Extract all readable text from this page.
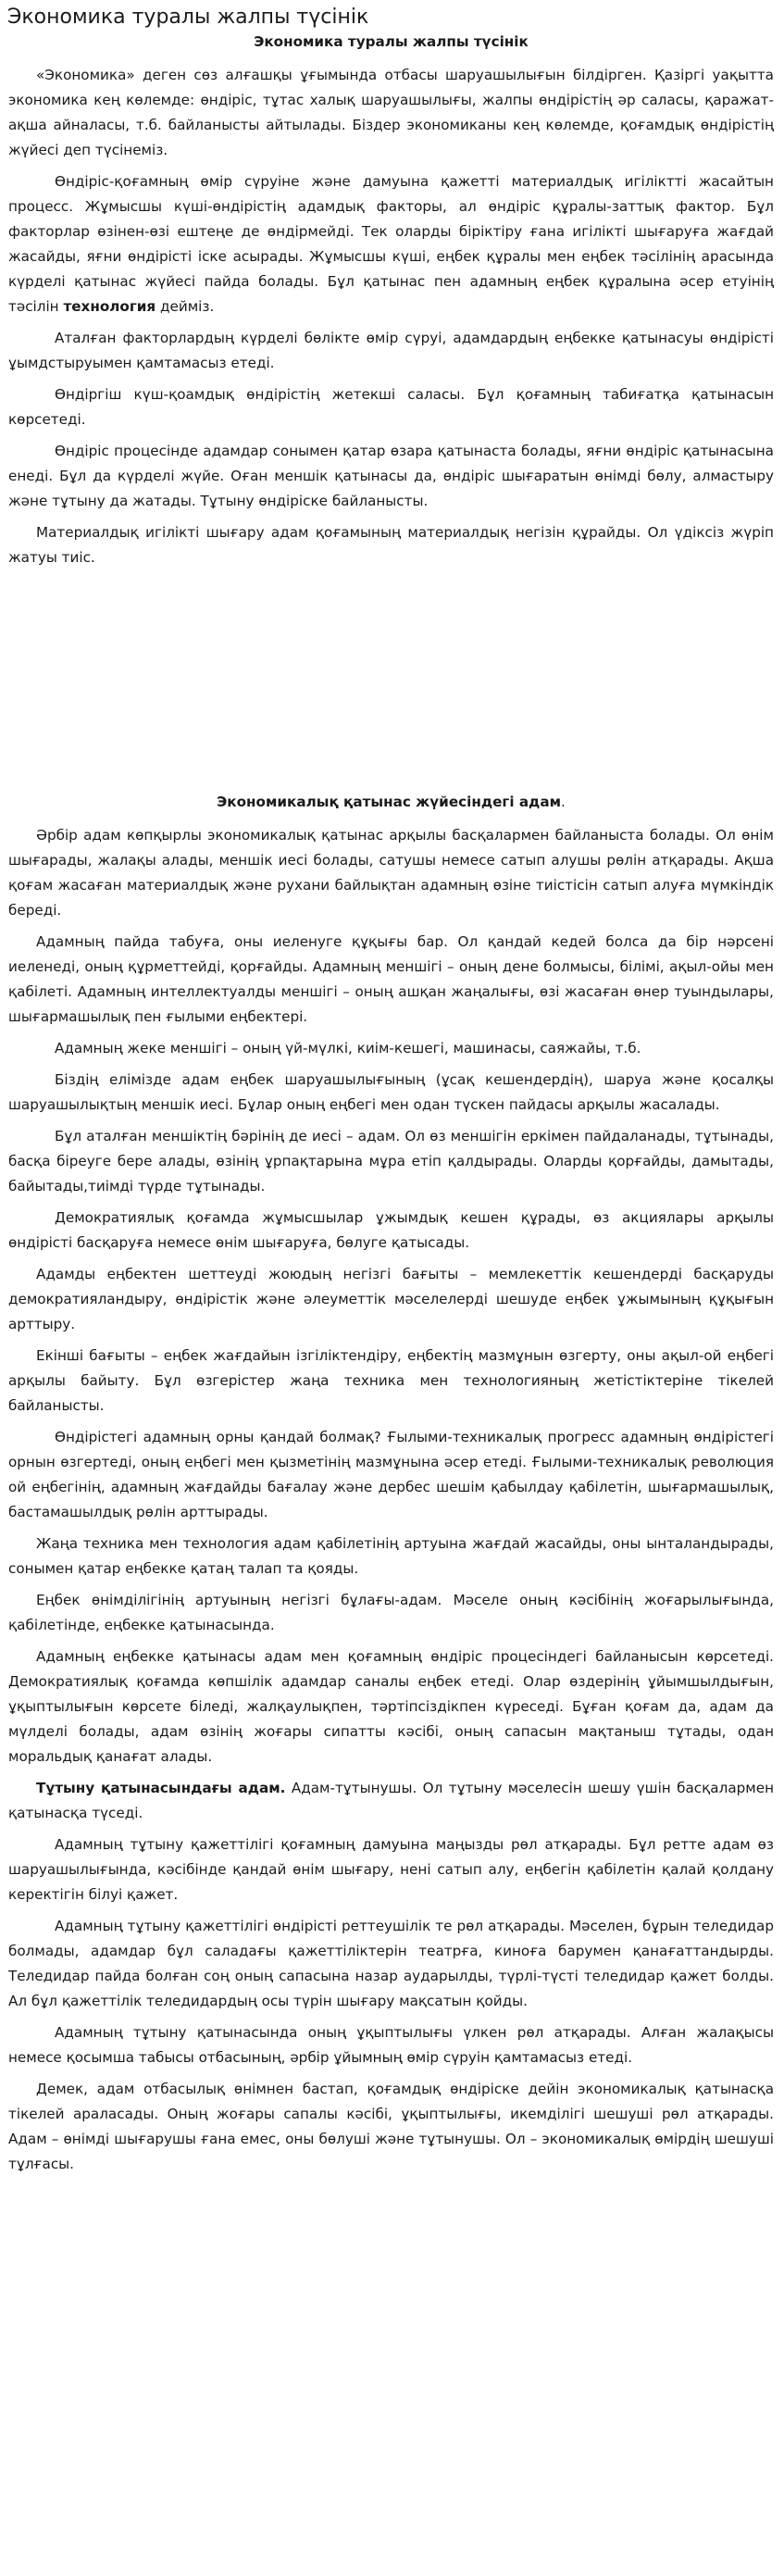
Экономика туралы жалпы түсінік
Экономика туралы жалпы түсінік

«Экономика» деген сөз алғашқы ұғымында отбасы шаруашылығын білдірген. Қазіргі уақытта экономика кең көлемде: өндіріс, тұтас халық шаруашылығы, жалпы өндірістің әр саласы, қаражат-ақша айналасы, т.б. байланысты айтылады. Біздер экономиканы кең көлемде, қоғамдық өндірістің жүйесі деп түсінеміз.

Өндіріс-қоғамның өмір сүруіне және дамуына қажетті материалдық игіліктті жасайтын процесс. Жұмысшы күші-өндірістің адамдық факторы, ал өндіріс құралы-заттық фактор. Бұл факторлар өзінен-өзі ештеңе де өндірмейді. Тек оларды біріктіру ғана игілікті шығаруға жағдай жасайды, яғни өндірісті іске асырады. Жұмысшы күші, еңбек құралы мен еңбек тәсілінің арасында күрделі қатынас жүйесі пайда болады. Бұл қатынас пен адамның еңбек құралына әсер етуінің тәсілін технология дейміз.

Аталған факторлардың күрделі бөлікте өмір сүруі, адамдардың еңбекке қатынасуы өндірісті ұымдстыруымен қамтамасыз етеді.

Өндіргіш күш-қоамдық өндірістің жетекші саласы. Бұл қоғамның табиғатқа қатынасын көрсетеді.

Өндіріс процесінде адамдар сонымен қатар өзара қатынаста болады, яғни өндіріс қатынасына енеді. Бұл да күрделі жүйе. Оған меншік қатынасы да, өндіріс шығаратын өнімді бөлу, алмастыру және тұтыну да жатады. Тұтыну өндіріске байланысты.

Материалдық игілікті шығару адам қоғамының материалдық негізін құрайды. Ол үдіксіз жүріп жатуы тиіс.

Экономикалық қатынас жүйесіндегі адам.

Әрбір адам көпқырлы экономикалық қатынас арқылы басқалармен байланыста болады. Ол өнім шығарады, жалақы алады, меншік иесі болады, сатушы немесе сатып алушы рөлін атқарады. Ақша қоғам жасаған материалдық және рухани байлықтан адамның өзіне тиістісін сатып алуға мүмкіндік береді.

Адамның пайда табуға, оны иеленуге құқығы бар. Ол қандай кедей болса да бір нәрсені иеленеді, оның құрметтейді, қорғайды. Адамның меншігі – оның дене болмысы, білімі, ақыл-ойы мен қабілеті. Адамның интеллектуалды меншігі – оның ашқан жаңалығы, өзі жасаған өнер туындылары, шығармашылық пен ғылыми еңбектері.

Адамның жеке меншігі – оның үй-мүлкі, киім-кешегі, машинасы, саяжайы, т.б.

Біздің елімізде адам еңбек шаруашылығының (ұсақ кешендердің), шаруа және қосалқы шаруашылықтың меншік иесі. Бұлар оның еңбегі мен одан түскен пайдасы арқылы жасалады.

Бұл аталған меншіктің бәрінің де иесі – адам. Ол өз меншігін еркімен пайдаланады, тұтынады, басқа біреуге бере алады, өзінің ұрпақтарына мұра етіп қалдырады. Оларды қорғайды, дамытады, байытады,тиімді түрде тұтынады.

Демократиялық қоғамда жұмысшылар ұжымдық кешен құрады, өз акциялары арқылы өндірісті басқаруға немесе өнім шығаруға, бөлуге қатысады.

Адамды еңбектен шеттеуді жоюдың негізгі бағыты – мемлекеттік кешендерді басқаруды демократияландыру, өндірістік және әлеуметтік мәселелерді шешуде еңбек ұжымының құқығын арттыру.

Екінші бағыты – еңбек жағдайын ізгіліктендіру, еңбектің мазмұнын өзгерту, оны ақыл-ой еңбегі арқылы байыту. Бұл өзгерістер жаңа техника мен технологияның жетістіктеріне тікелей байланысты.

Өндірістегі адамның орны қандай болмақ? Ғылыми-техникалық прогресс адамның өндірістегі орнын өзгертеді, оның еңбегі мен қызметінің мазмұнына әсер етеді. Ғылыми-техникалық революция ой еңбегінің, адамның жағдайды бағалау және дербес шешім қабылдау қабілетін, шығармашылық, бастамашылдық рөлін арттырады.

Жаңа техника мен технология адам қабілетінің артуына жағдай жасайды, оны ынталандырады, сонымен қатар еңбекке қатаң талап та қояды.

Еңбек өнімділігінің артуының негізгі бұлағы-адам. Мәселе оның кәсібінің жоғарылығында, қабілетінде, еңбекке қатынасында.

Адамның еңбекке қатынасы адам мен қоғамның өндіріс процесіндегі байланысын көрсетеді. Демократиялық қоғамда көпшілік адамдар саналы еңбек етеді. Олар өздерінің ұйымшылдығын, ұқыптылығын көрсете біледі, жалқаулықпен, тәртіпсіздікпен күреседі. Бұған қоғам да, адам да мүлделі болады, адам өзінің жоғары сипатты кәсібі, оның сапасын мақтаныш тұтады, одан моральдық қанағат алады.

Тұтыну қатынасындағы адам. Адам-тұтынушы. Ол тұтыну мәселесін шешу үшін басқалармен қатынасқа түседі.

Адамның тұтыну қажеттілігі қоғамның дамуына маңызды рөл атқарады. Бұл ретте адам өз шаруашылығында, кәсібінде қандай өнім шығару, нені сатып алу, еңбегін қабілетін қалай қолдану керектігін білуі қажет.

Адамның тұтыну қажеттілігі өндірісті реттеушілік те рөл атқарады. Мәселен, бұрын теледидар болмады, адамдар бұл саладағы қажеттіліктерін театрға, киноға барумен қанағаттандырды. Теледидар пайда болған соң оның сапасына назар аударылды, түрлі-түсті теледидар қажет болды. Ал бұл қажеттілік теледидардың осы түрін шығару мақсатын қойды.

Адамның тұтыну қатынасында оның ұқыптылығы үлкен рөл атқарады. Алған жалақысы немесе қосымша табысы отбасының, әрбір ұйымның өмір сүруін қамтамасыз етеді.

Демек, адам отбасылық өнімнен бастап, қоғамдық өндіріске дейін экономикалық қатынасқа тікелей араласады. Оның жоғары сапалы кәсібі, ұқыптылығы, икемділігі шешуші рөл атқарады. Адам – өнімді шығарушы ғана емес, оны бөлуші және тұтынушы. Ол – экономикалық өмірдің шешуші тұлғасы.
